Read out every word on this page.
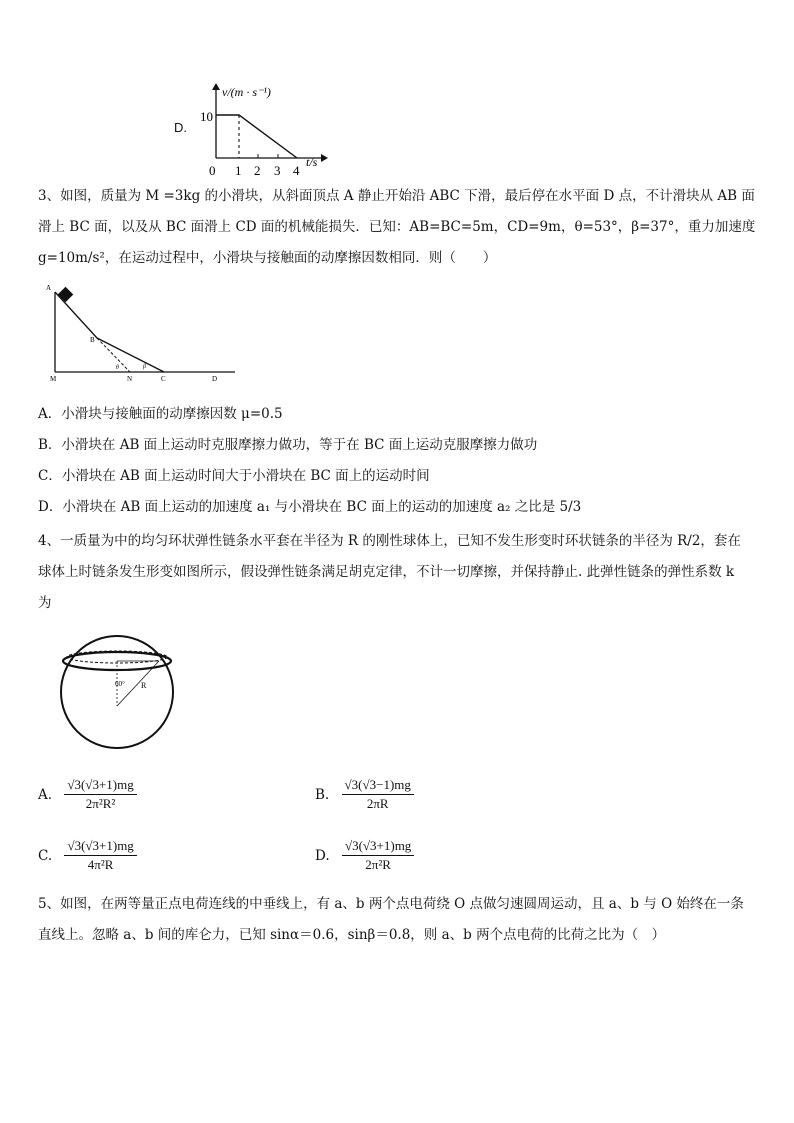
D.
v/(m · s⁻¹)
10
0 1 2 3 4
t/s
3、如图，质量为 M =3kg 的小滑块，从斜面顶点 A 静止开始沿 ABC 下滑，最后停在水平面 D 点，不计滑块从 AB 面
滑上 BC 面，以及从 BC 面滑上 CD 面的机械能损失．已知：AB=BC=5m，CD=9m，θ=53°，β=37°，重力加速度
g=10m/s²，在运动过程中，小滑块与接触面的动摩擦因数相同．则（　　）
A
B
M	N	C	D
θ	β
A．小滑块与接触面的动摩擦因数 μ=0.5
B．小滑块在 AB 面上运动时克服摩擦力做功，等于在 BC 面上运动克服摩擦力做功
C．小滑块在 AB 面上运动时间大于小滑块在 BC 面上的运动时间
D．小滑块在 AB 面上运动的加速度 a₁ 与小滑块在 BC 面上的运动的加速度 a₂ 之比是 5/3
4、一质量为中的均匀环状弹性链条水平套在半径为 R 的刚性球体上，已知不发生形变时环状链条的半径为 R/2，套在
球体上时链条发生形变如图所示，假设弹性链条满足胡克定律，不计一切摩擦，并保持静止. 此弹性链条的弹性系数 k
为
60° R
A. $\frac{√3(√3+1)mg}{\text{2π²R²}}$	B. $\frac{√3(√3-1)mg}{2\pi R}$
C. $\frac{√3(√3+1)mg}{\text{4π²R}}$	D. $\frac{√3(√3+1)mg}{\text{2π²R}}$
5、如图，在两等量正点电荷连线的中垂线上，有 a、b 两个点电荷绕 O 点做匀速圆周运动，且 a、b 与 O 始终在一条
直线上。忽略 a、b 间的库仑力，已知 sinα＝0.6，sinβ＝0.8，则 a、b 两个点电荷的比荷之比为（　）
